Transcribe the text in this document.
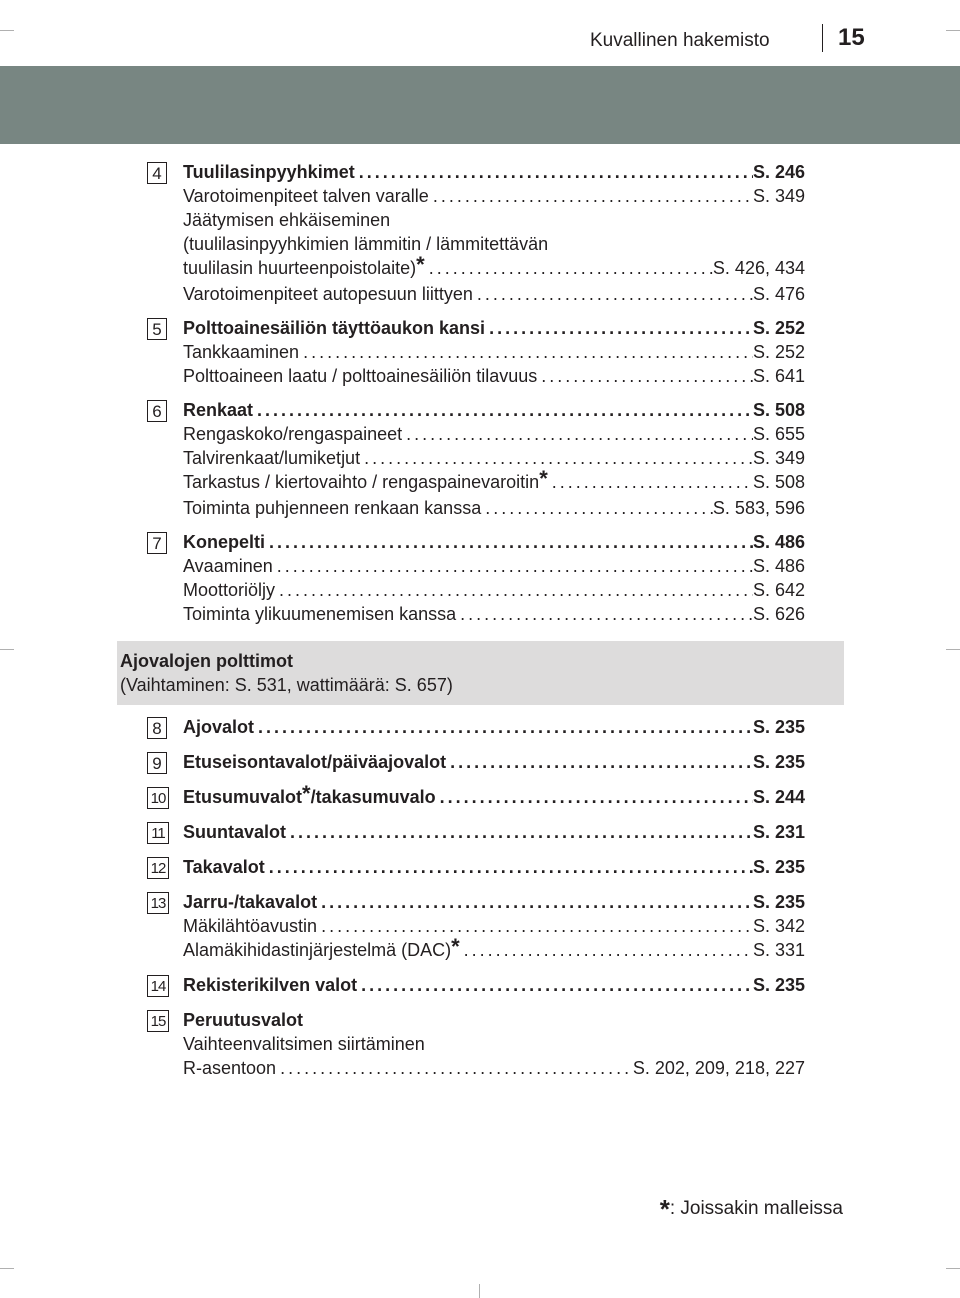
Kuvallinen hakemisto	15
4 Tuulilasinpyyhkimet .....	S. 246
Varotoimenpiteet talven varalle .....	S. 349
Jäätymisen ehkäiseminen
(tuulilasinpyyhkimien lämmitin / lämmitettävän
tuulilasin huurteenpoistolaite)* .....	S. 426, 434
Varotoimenpiteet autopesuun liittyen .....	S. 476
5 Polttoainesäiliön täyttöaukon kansi .....	S. 252
Tankkaaminen .....	S. 252
Polttoaineen laatu / polttoainesäiliön tilavuus .....	S. 641
6 Renkaat .....	S. 508
Rengaskoko/rengaspaineet .....	S. 655
Talvirenkaat/lumiketjut .....	S. 349
Tarkastus / kiertovaihto / rengaspainevaroitin* .....	S. 508
Toiminta puhjenneen renkaan kanssa .....	S. 583, 596
7 Konepelti .....	S. 486
Avaaminen .....	S. 486
Moottoriöljy .....	S. 642
Toiminta ylikuumenemisen kanssa .....	S. 626
Ajovalojen polttimot
(Vaihtaminen: S. 531, wattimäärä: S. 657)
8 Ajovalot .....	S. 235
9 Etuseisontavalot/päiväajovalot .....	S. 235
10 Etusumuvalot*/takasumuvalo .....	S. 244
11 Suuntavalot .....	S. 231
12 Takavalot .....	S. 235
13 Jarru-/takavalot .....	S. 235
Mäkilähtöavustin .....	S. 342
Alamäkihidastinjärjestelmä (DAC)* .....	S. 331
14 Rekisterikilven valot .....	S. 235
15 Peruutusvalot
Vaihteenvalitsimen siirtäminen
R-asentoon .....	S. 202, 209, 218, 227
*: Joissakin malleissa
